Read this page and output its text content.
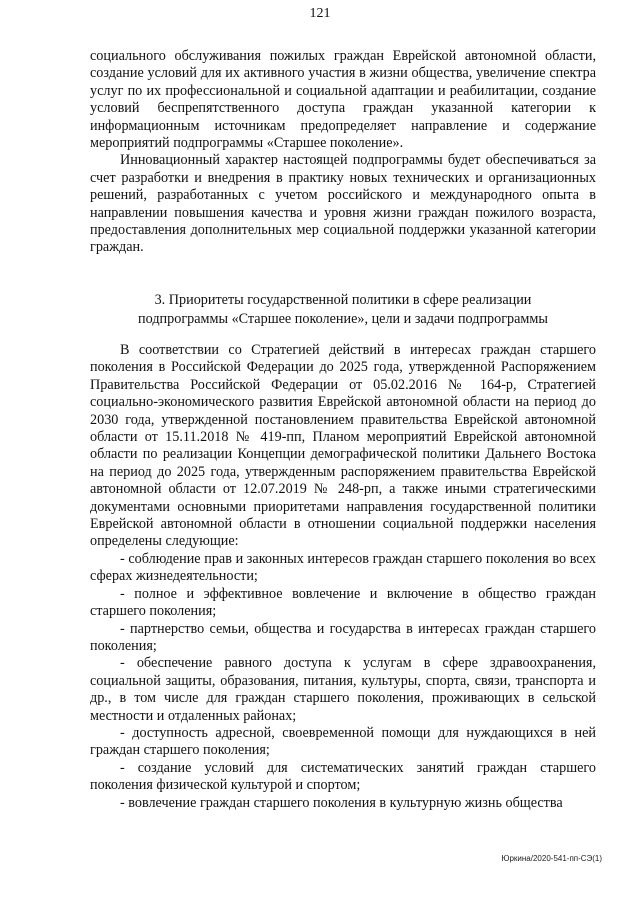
121

социального обслуживания пожилых граждан Еврейской автономной области, создание условий для их активного участия в жизни общества, увеличение спектра услуг по их профессиональной и социальной адаптации и реабилитации, создание условий беспрепятственного доступа граждан указанной категории к информационным источникам предопределяет направление и содержание мероприятий подпрограммы «Старшее поколение».

Инновационный характер настоящей подпрограммы будет обеспечиваться за счет разработки и внедрения в практику новых технических и организационных решений, разработанных с учетом российского и международного опыта в направлении повышения качества и уровня жизни граждан пожилого возраста, предоставления дополнительных мер социальной поддержки указанной категории граждан.

3. Приоритеты государственной политики в сфере реализации
подпрограммы «Старшее поколение», цели и задачи подпрограммы

В соответствии со Стратегией действий в интересах граждан старшего поколения в Российской Федерации до 2025 года, утвержденной Распоряжением Правительства Российской Федерации от 05.02.2016 № 164-р, Стратегией социально-экономического развития Еврейской автономной области на период до 2030 года, утвержденной постановлением правительства Еврейской автономной области от 15.11.2018 № 419-пп, Планом мероприятий Еврейской автономной области по реализации Концепции демографической политики Дальнего Востока на период до 2025 года, утвержденным распоряжением правительства Еврейской автономной области от 12.07.2019 № 248-рп, а также иными стратегическими документами основными приоритетами направления государственной политики Еврейской автономной области в отношении социальной поддержки населения определены следующие:

- соблюдение прав и законных интересов граждан старшего поколения во всех сферах жизнедеятельности;

- полное и эффективное вовлечение и включение в общество граждан старшего поколения;

- партнерство семьи, общества и государства в интересах граждан старшего поколения;

- обеспечение равного доступа к услугам в сфере здравоохранения, социальной защиты, образования, питания, культуры, спорта, связи, транспорта и др., в том числе для граждан старшего поколения, проживающих в сельской местности и отдаленных районах;

- доступность адресной, своевременной помощи для нуждающихся в ней граждан старшего поколения;

- создание условий для систематических занятий граждан старшего поколения физической культурой и спортом;

- вовлечение граждан старшего поколения в культурную жизнь общества

Юркина/2020-541-пп-СЭ(1)
